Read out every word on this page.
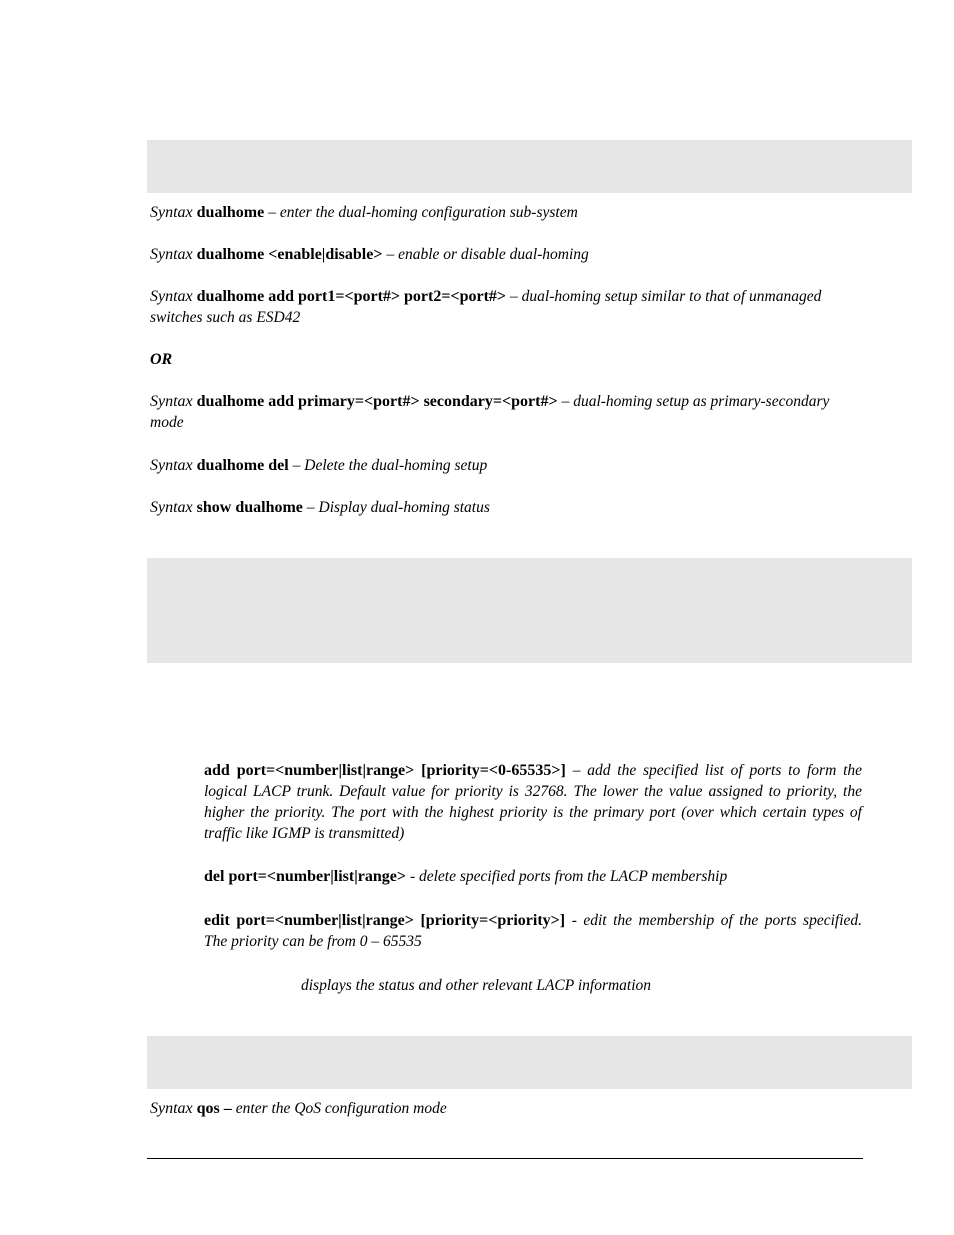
Syntax dualhome – enter the dual-homing configuration sub-system
Syntax dualhome <enable|disable> – enable or disable dual-homing
Syntax dualhome add port1=<port#> port2=<port#> – dual-homing setup similar to that of unmanaged switches such as ESD42
OR
Syntax dualhome add primary=<port#> secondary=<port#> – dual-homing setup as primary-secondary mode
Syntax dualhome del – Delete the dual-homing setup
Syntax show dualhome – Display dual-homing status
add port=<number|list|range> [priority=<0-65535>] – add the specified list of ports to form the logical LACP trunk. Default value for priority is 32768. The lower the value assigned to priority, the higher the priority. The port with the highest priority is the primary port (over which certain types of traffic like IGMP is transmitted)
del port=<number|list|range> - delete specified ports from the LACP membership
edit port=<number|list|range> [priority=<priority>] - edit the membership of the ports specified. The priority can be from 0 – 65535
displays the status and other relevant LACP information
Syntax qos – enter the QoS configuration mode
